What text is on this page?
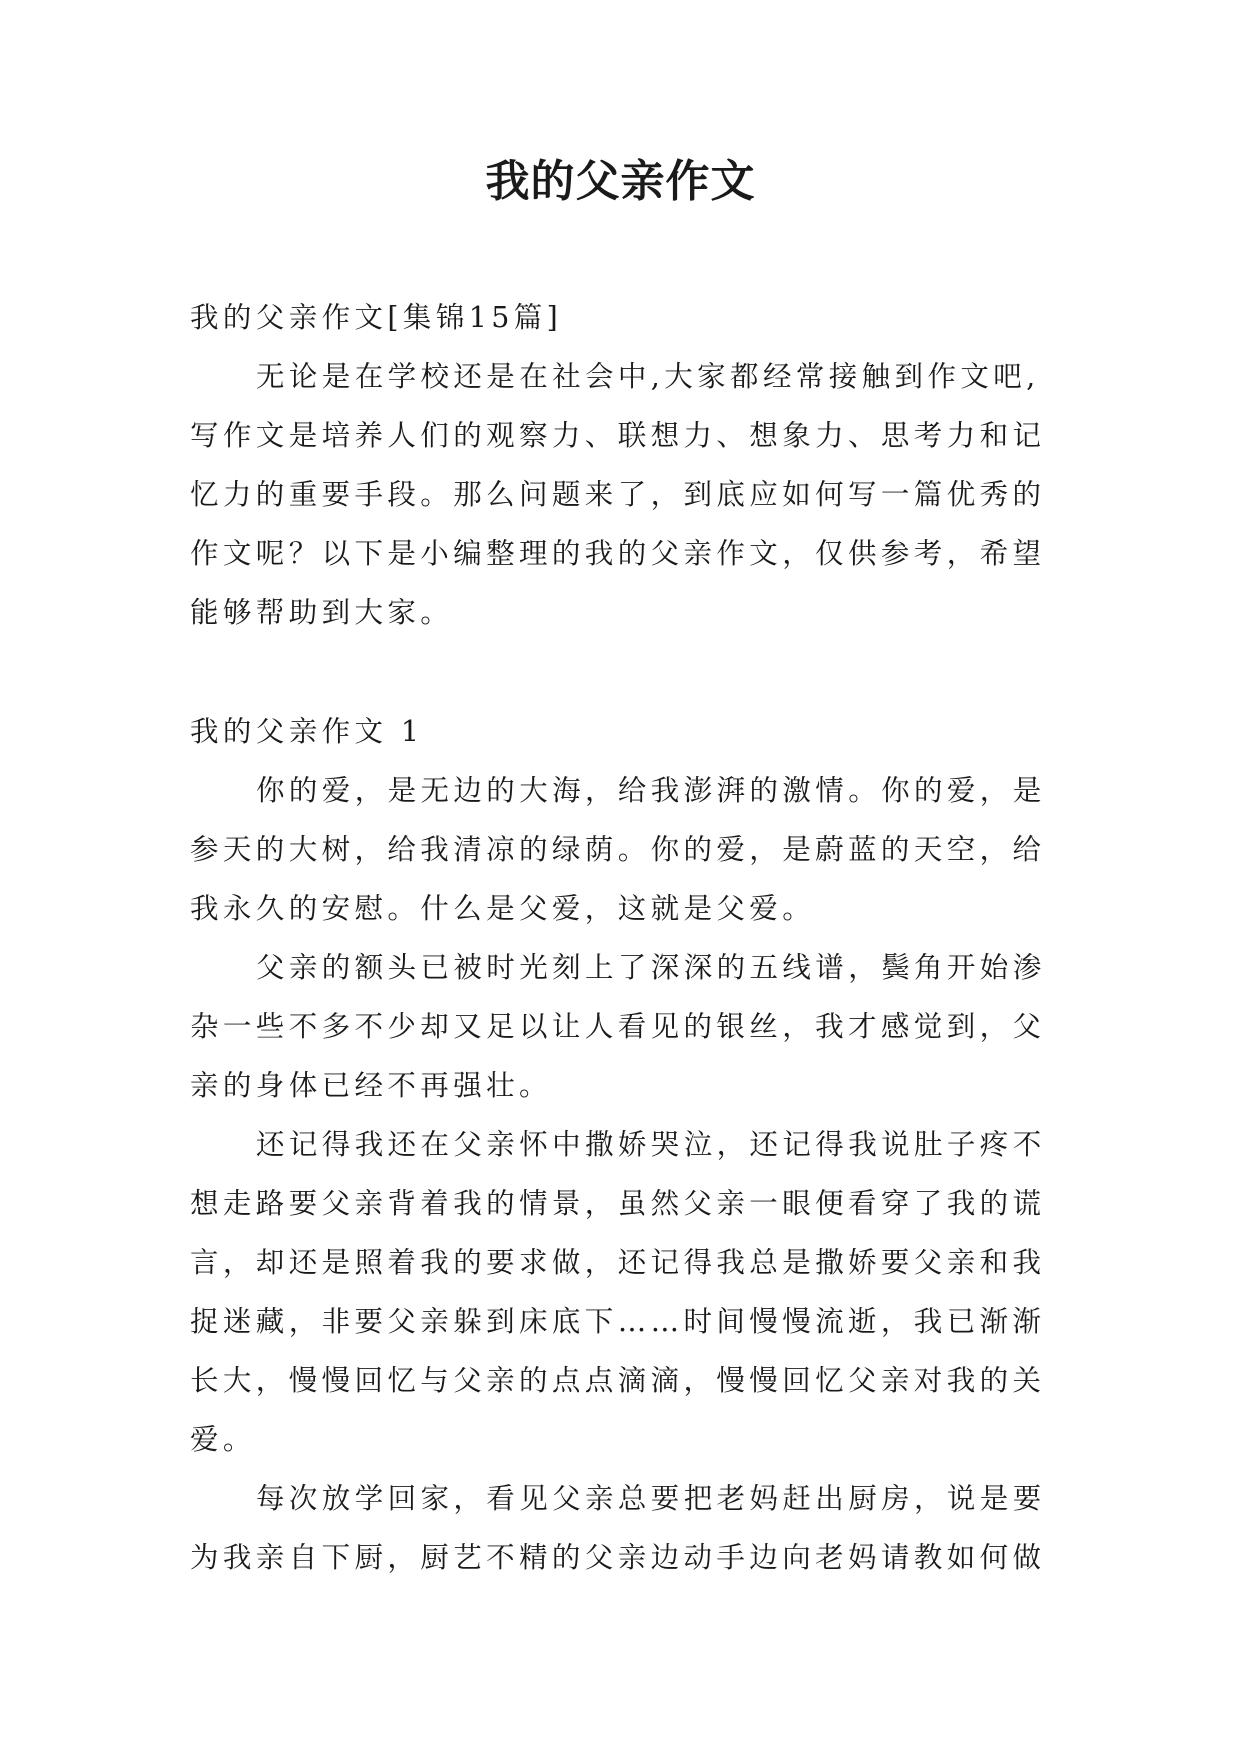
我的父亲作文

我的父亲作文[集锦15篇]

无论是在学校还是在社会中,大家都经常接触到作文吧,

写作文是培养人们的观察力、联想力、想象力、思考力和记

忆力的重要手段。那么问题来了，到底应如何写一篇优秀的

作文呢？以下是小编整理的我的父亲作文，仅供参考，希望

能够帮助到大家。

我的父亲作文 1

你的爱，是无边的大海，给我澎湃的激情。你的爱，是

参天的大树，给我清凉的绿荫。你的爱，是蔚蓝的天空，给

我永久的安慰。什么是父爱，这就是父爱。

父亲的额头已被时光刻上了深深的五线谱，鬓角开始渗

杂一些不多不少却又足以让人看见的银丝，我才感觉到，父

亲的身体已经不再强壮。

还记得我还在父亲怀中撒娇哭泣，还记得我说肚子疼不

想走路要父亲背着我的情景，虽然父亲一眼便看穿了我的谎

言，却还是照着我的要求做，还记得我总是撒娇要父亲和我

捉迷藏，非要父亲躲到床底下……时间慢慢流逝，我已渐渐

长大，慢慢回忆与父亲的点点滴滴，慢慢回忆父亲对我的关

爱。

每次放学回家，看见父亲总要把老妈赶出厨房，说是要

为我亲自下厨，厨艺不精的父亲边动手边向老妈请教如何做
